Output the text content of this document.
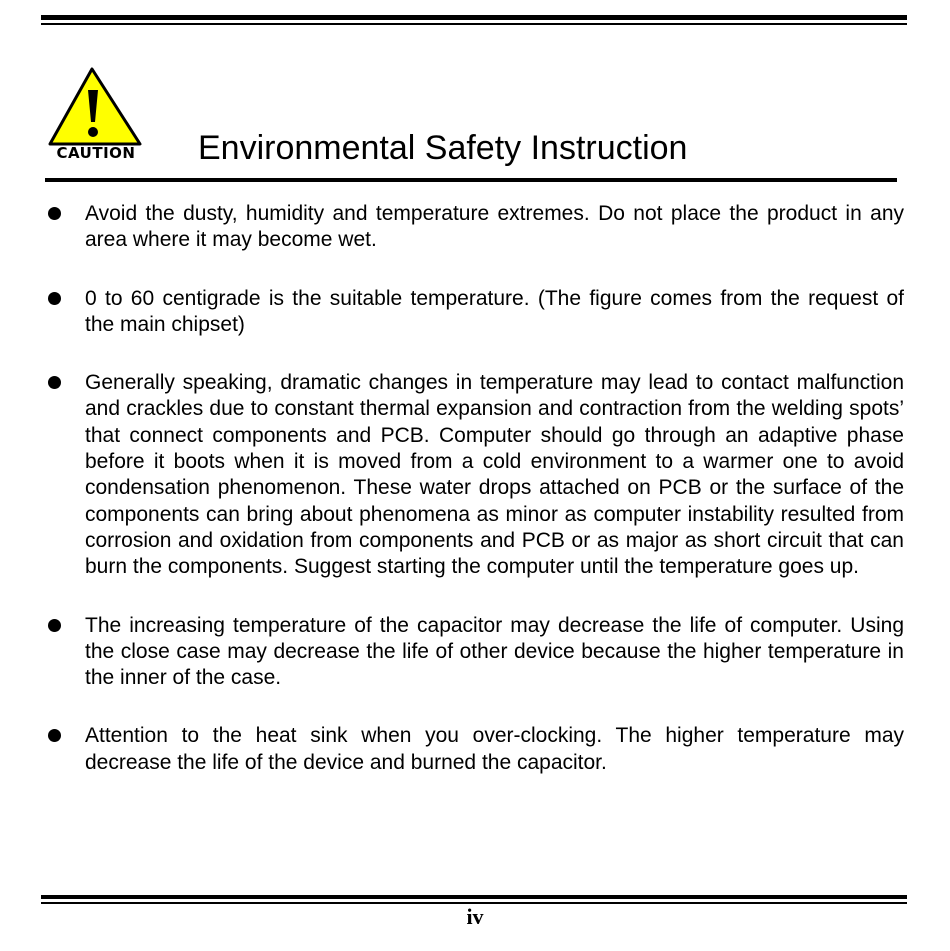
CAUTION Environmental Safety Instruction
Avoid the dusty, humidity and temperature extremes. Do not place the product in any area where it may become wet.
0 to 60 centigrade is the suitable temperature. (The figure comes from the request of the main chipset)
Generally speaking, dramatic changes in temperature may lead to contact malfunction and crackles due to constant thermal expansion and contraction from the welding spots’ that connect components and PCB. Computer should go through an adaptive phase before it boots when it is moved from a cold environment to a warmer one to avoid condensation phenomenon. These water drops attached on PCB or the surface of the components can bring about phenomena as minor as computer instability resulted from corrosion and oxidation from components and PCB or as major as short circuit that can burn the components. Suggest starting the computer until the temperature goes up.
The increasing temperature of the capacitor may decrease the life of computer. Using the close case may decrease the life of other device because the higher temperature in the inner of the case.
Attention to the heat sink when you over-clocking. The higher temperature may decrease the life of the device and burned the capacitor.
iv
